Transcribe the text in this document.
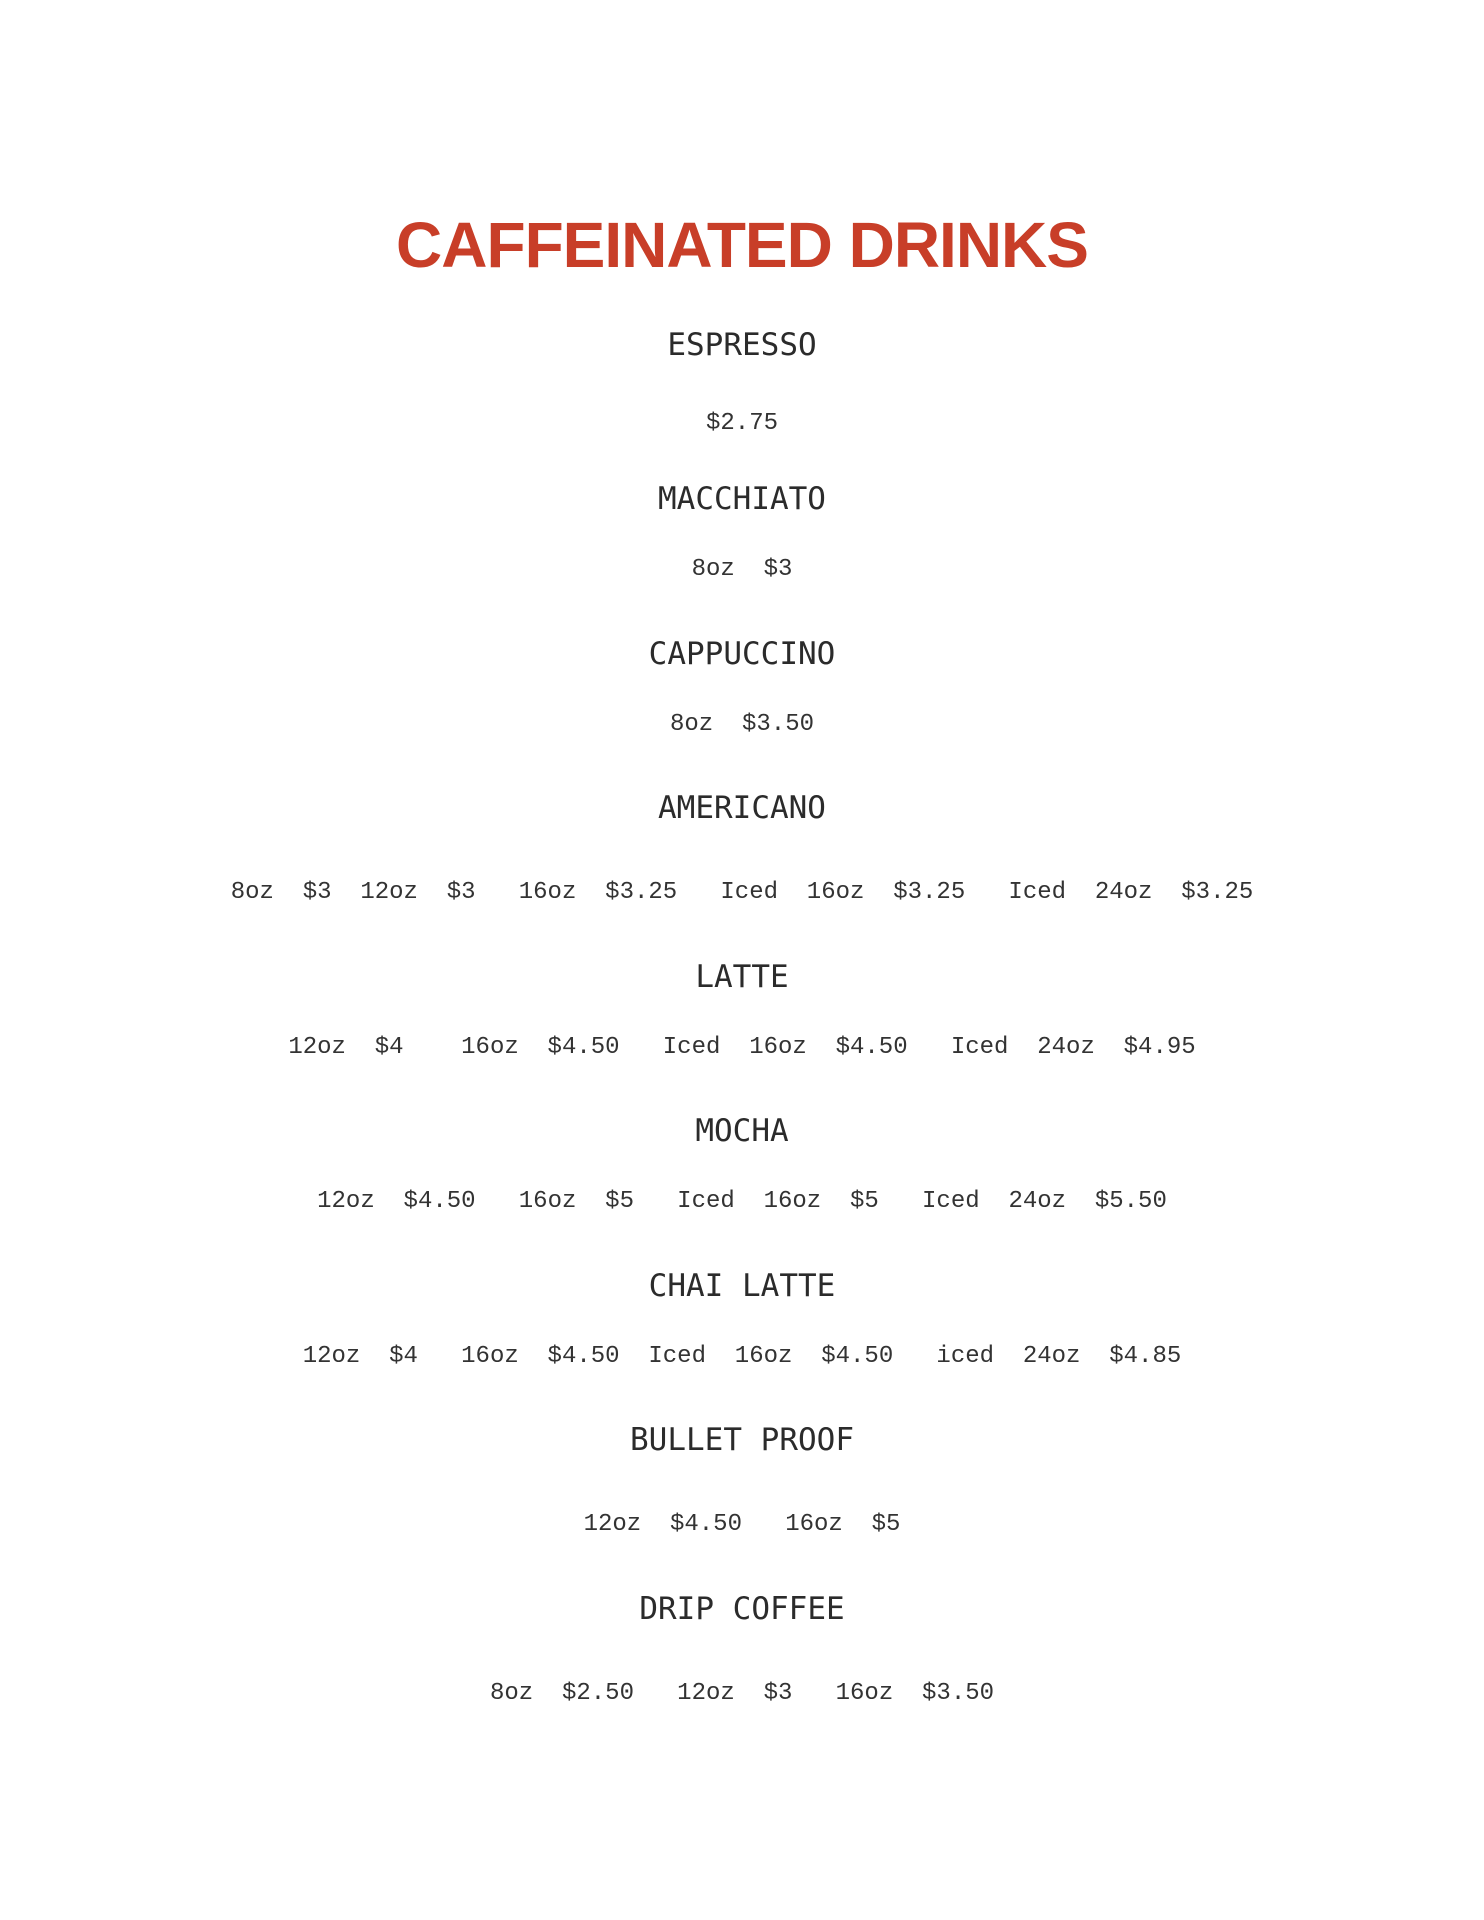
CAFFEINATED DRINKS
ESPRESSO
$2.75
MACCHIATO
8oz  $3
CAPPUCCINO
8oz  $3.50
AMERICANO
8oz  $3  12oz  $3   16oz  $3.25   Iced  16oz  $3.25   Iced  24oz  $3.25
LATTE
12oz  $4    16oz  $4.50   Iced  16oz  $4.50   Iced  24oz  $4.95
MOCHA
12oz  $4.50   16oz  $5   Iced  16oz  $5   Iced  24oz  $5.50
CHAI LATTE
12oz  $4   16oz  $4.50  Iced  16oz  $4.50   iced  24oz  $4.85
BULLET PROOF
12oz  $4.50   16oz  $5
DRIP COFFEE
8oz  $2.50   12oz  $3   16oz  $3.50
